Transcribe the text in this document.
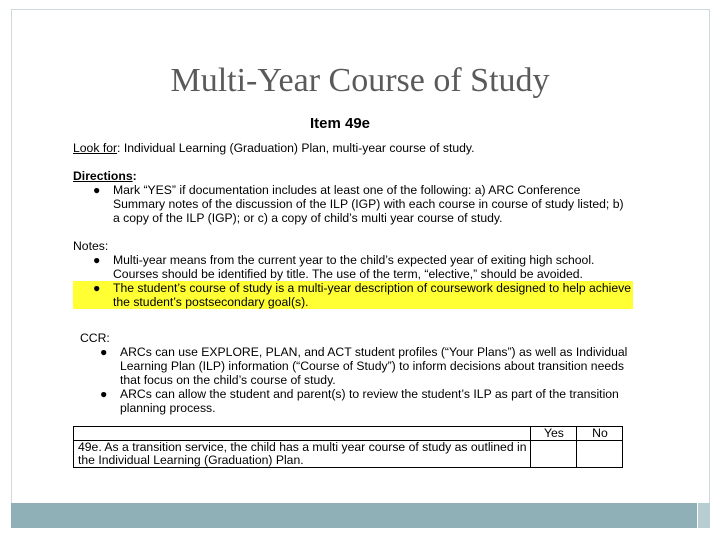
Multi-Year Course of Study
Item 49e
Look for: Individual Learning (Graduation) Plan, multi-year course of study.
Directions:
● Mark “YES” if documentation includes at least one of the following: a) ARC Conference
Summary notes of the discussion of the ILP (IGP) with each course in course of study listed; b)
a copy of the ILP (IGP); or c) a copy of child’s multi year course of study.
Notes:
● Multi-year means from the current year to the child’s expected year of exiting high school.
Courses should be identified by title. The use of the term, “elective,” should be avoided.
● The student’s course of study is a multi-year description of coursework designed to help achieve
the student’s postsecondary goal(s).
CCR:
● ARCs can use EXPLORE, PLAN, and ACT student profiles (“Your Plans”) as well as Individual
Learning Plan (ILP) information (“Course of Study”) to inform decisions about transition needs
that focus on the child’s course of study.
● ARCs can allow the student and parent(s) to review the student’s ILP as part of the transition
planning process.
	Yes	No

49e. As a transition service, the child has a multi year course of study as outlined in
the Individual Learning (Graduation) Plan.		
